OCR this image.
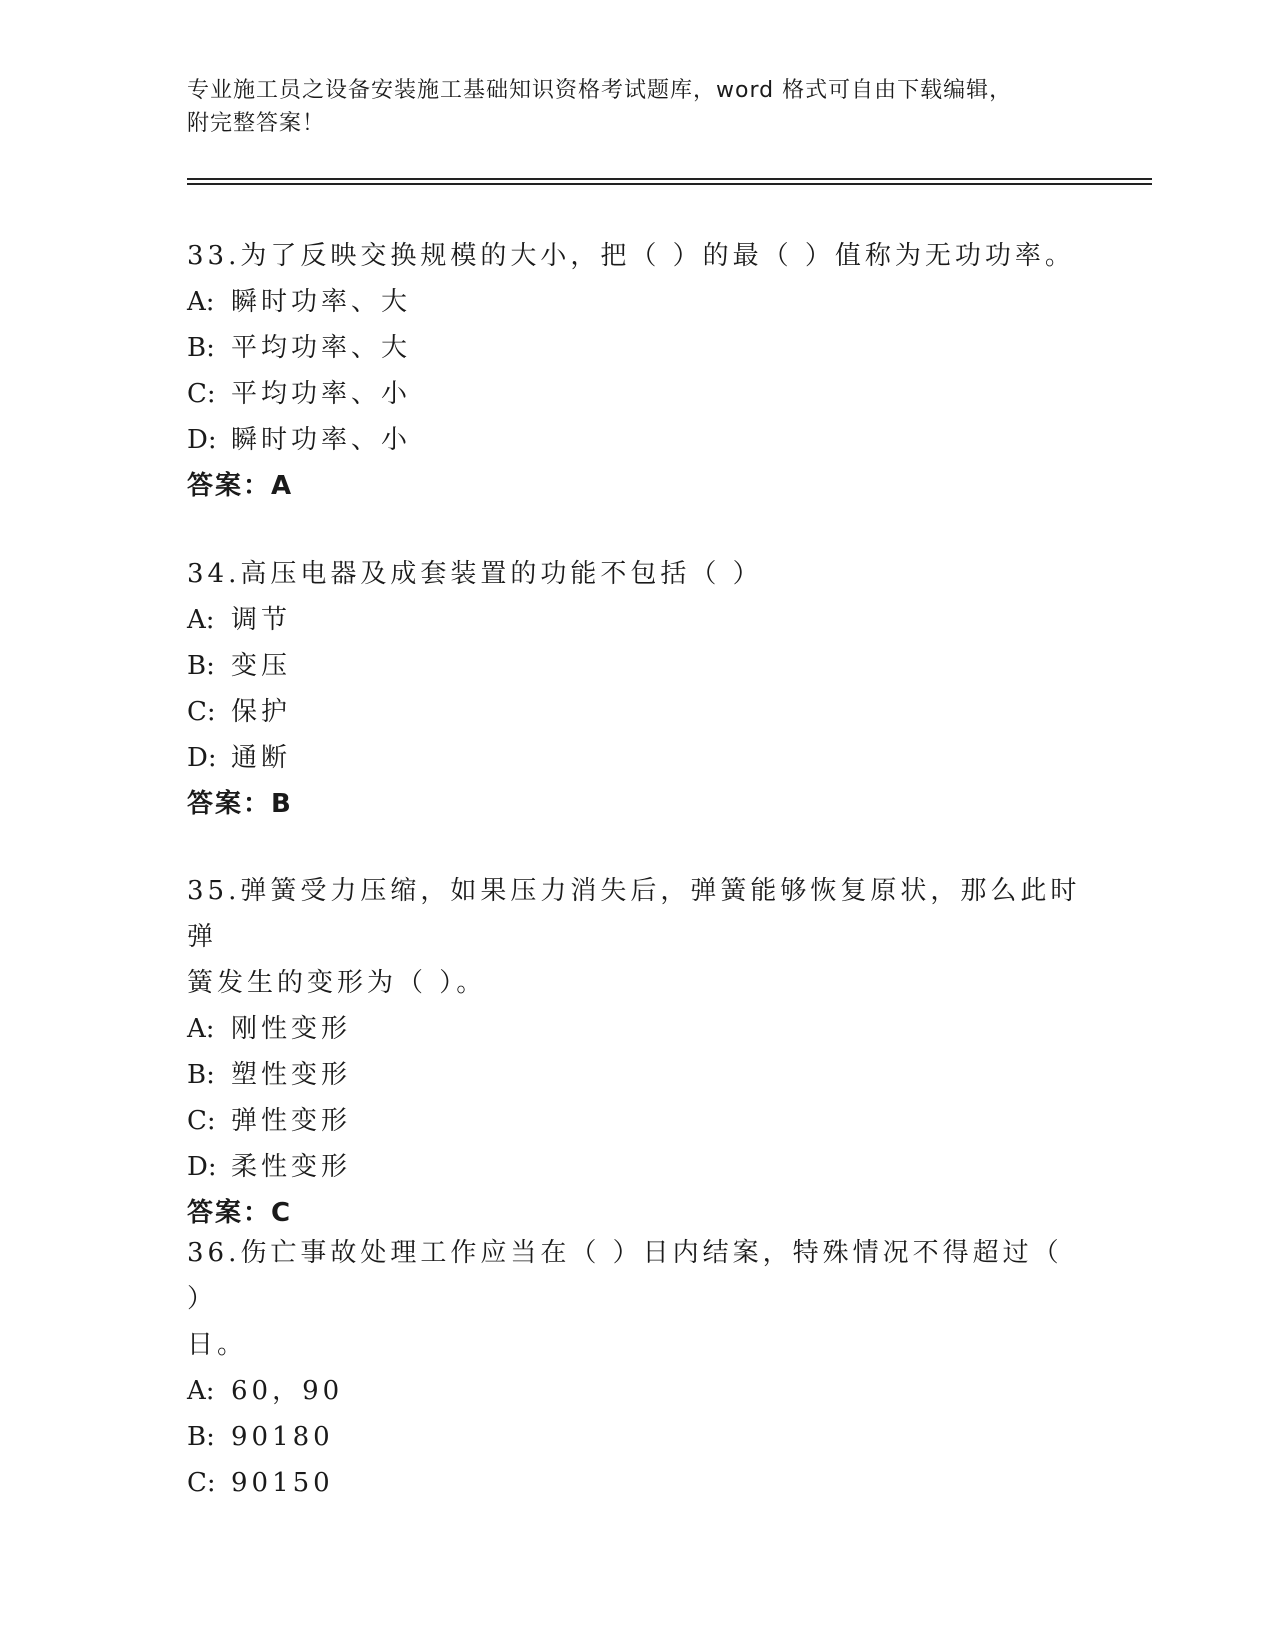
专业施工员之设备安装施工基础知识资格考试题库，word 格式可自由下载编辑，
附完整答案！

33.为了反映交换规模的大小，把（ ）的最（ ）值称为无功功率。

A: 瞬时功率、大

B: 平均功率、大

C: 平均功率、小

D: 瞬时功率、小

答案：A

34.高压电器及成套装置的功能不包括（ ）

A: 调节

B: 变压

C: 保护

D: 通断

答案：B

35.弹簧受力压缩，如果压力消失后，弹簧能够恢复原状，那么此时弹

簧发生的变形为（ ）。

A: 刚性变形

B: 塑性变形

C: 弹性变形

D: 柔性变形

答案：C

36.伤亡事故处理工作应当在（ ）日内结案，特殊情况不得超过（ ）

日。

A: 60，90

B: 90180

C: 90150
